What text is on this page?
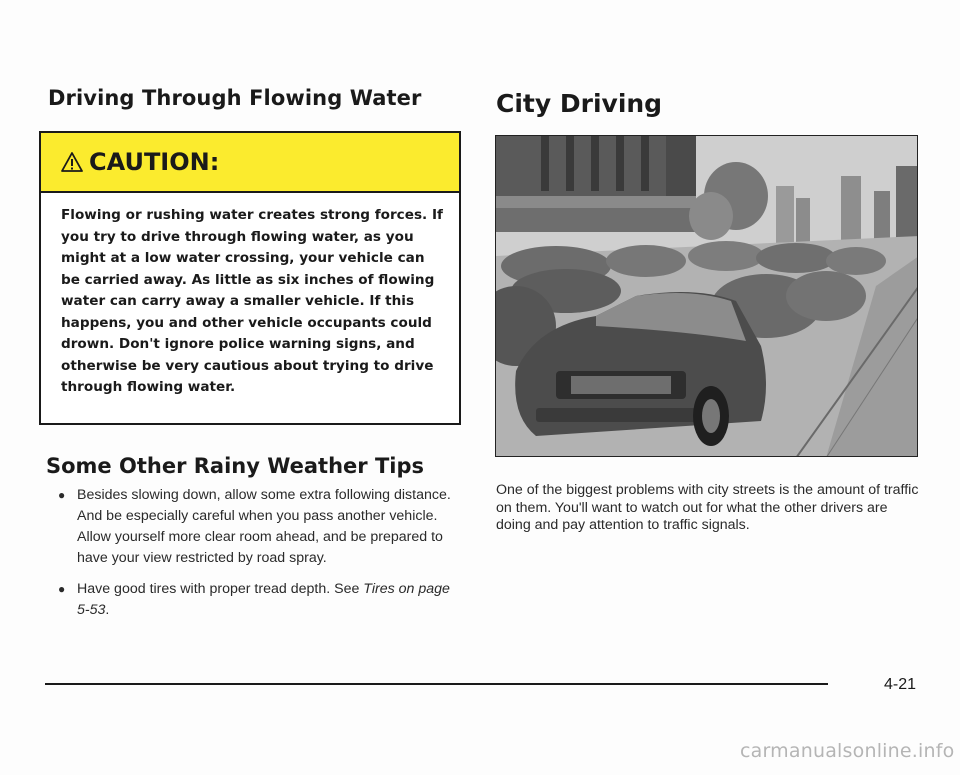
Driving Through Flowing Water
CAUTION:

Flowing or rushing water creates strong forces. If you try to drive through flowing water, as you might at a low water crossing, your vehicle can be carried away. As little as six inches of flowing water can carry away a smaller vehicle. If this happens, you and other vehicle occupants could drown. Don't ignore police warning signs, and otherwise be very cautious about trying to drive through flowing water.

Some Other Rainy Weather Tips
● Besides slowing down, allow some extra following distance. And be especially careful when you pass another vehicle. Allow yourself more clear room ahead, and be prepared to have your view restricted by road spray.
● Have good tires with proper tread depth. See Tires on page 5-53.
City Driving

One of the biggest problems with city streets is the amount of traffic on them. You'll want to watch out for what the other drivers are doing and pay attention to traffic signals.

4-21

carmanualsonline.info
